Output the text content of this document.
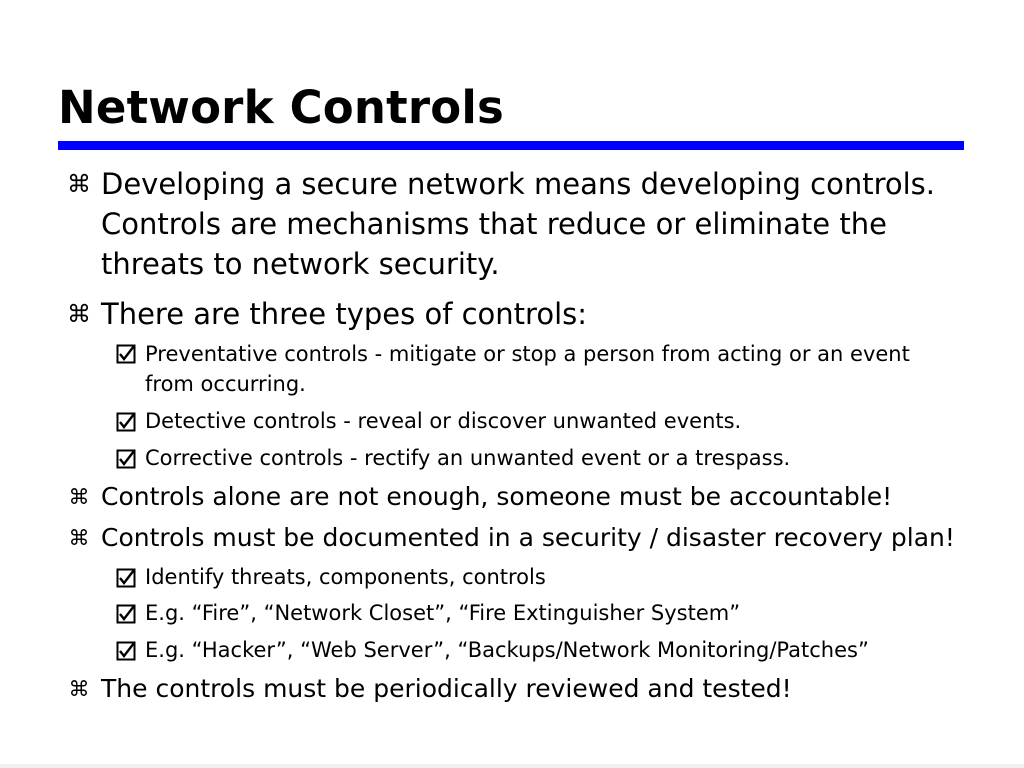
Network Controls
⌘ Developing a secure network means developing controls.
Controls are mechanisms that reduce or eliminate the
threats to network security.
⌘ There are three types of controls:
Preventative controls - mitigate or stop a person from acting or an event
from occurring.
Detective controls - reveal or discover unwanted events.
Corrective controls - rectify an unwanted event or a trespass.
⌘ Controls alone are not enough, someone must be accountable!
⌘ Controls must be documented in a security / disaster recovery plan!
Identify threats, components, controls
E.g. “Fire”, “Network Closet”, “Fire Extinguisher System”
E.g. “Hacker”, “Web Server”, “Backups/Network Monitoring/Patches”
⌘ The controls must be periodically reviewed and tested!
